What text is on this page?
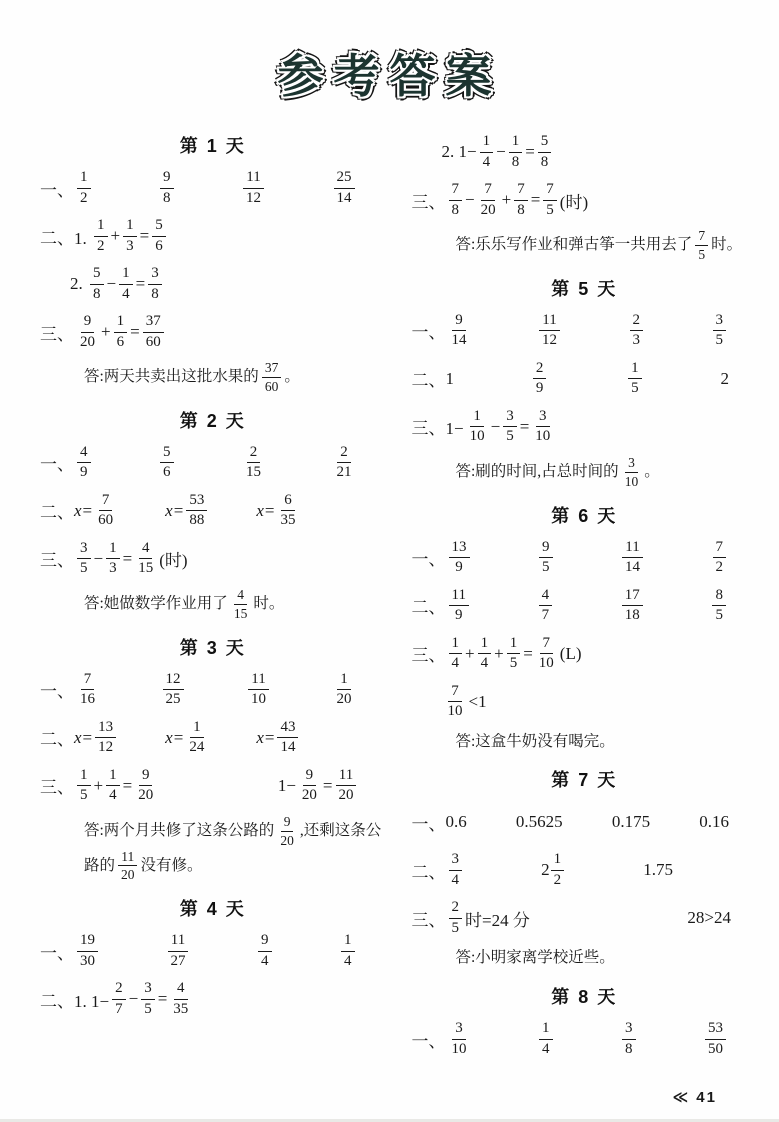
参考答案
第 1 天
一、 $\frac{1}{2}$	$\frac{9}{8}$	$\frac{11}{12}$	$\frac{25}{14}$
二、1. $\frac{1}{2} + \frac{1}{3} = \frac{5}{6}$
2. $\frac{5}{8} - \frac{1}{4} = \frac{3}{8}$
三、 $\frac{9}{20} + \frac{1}{6} = \frac{37}{60}$
答:两天共卖出这批水果的 $\frac{37}{60}$ 。
第 2 天
一、 $\frac{4}{9}$	$\frac{5}{6}$	$\frac{2}{15}$	$\frac{2}{21}$
二、 $x = \frac{7}{60}$	$x = \frac{53}{88}$	$x = \frac{6}{35}$
三、 $\frac{3}{5} - \frac{1}{3} = \frac{4}{15}$ (时)
答:她做数学作业用了 $\frac{4}{15}$ 时。
第 3 天
一、 $\frac{7}{16}$	$\frac{12}{25}$	$\frac{11}{10}$	$\frac{1}{20}$
二、 $x = \frac{13}{12}$	$x = \frac{1}{24}$	$x = \frac{43}{14}$
三、 $\frac{1}{5} + \frac{1}{4} = \frac{9}{20}$	$1- \frac{9}{20} = \frac{11}{20}$
答:两个月共修了这条公路的 $\frac{9}{20}$ ,还剩这条公路的 $\frac{11}{20}$ 没有修。
第 4 天
一、 $\frac{19}{30}$	$\frac{11}{27}$	$\frac{9}{4}$	$\frac{1}{4}$
二、1. $1- \frac{2}{7} - \frac{3}{5} = \frac{4}{35}$
2. $1- \frac{1}{4} - \frac{1}{8} = \frac{5}{8}$
三、 $\frac{7}{8} - \frac{7}{20} + \frac{7}{8} = \frac{7}{5}$ (时)
答:乐乐写作业和弹古筝一共用去了 $\frac{7}{5}$ 时。
第 5 天
一、 $\frac{9}{14}$	$\frac{11}{12}$	$\frac{2}{3}$	$\frac{3}{5}$
二、 1	$\frac{2}{9}$	$\frac{1}{5}$	2
三、$1- \frac{1}{10} - \frac{3}{5} = \frac{3}{10}$
答:刷的时间,占总时间的 $\frac{3}{10}$ 。
第 6 天
一、 $\frac{13}{9}$	$\frac{9}{5}$	$\frac{11}{14}$	$\frac{7}{2}$
二、 $\frac{11}{9}$	$\frac{4}{7}$	$\frac{17}{18}$	$\frac{8}{5}$
三、 $\frac{1}{4} + \frac{1}{4} + \frac{1}{5} = \frac{7}{10} (L)$
$\frac{7}{10} <1$
答:这盒牛奶没有喝完。
第 7 天
一、 0.6	0.5625	0.175	0.16
二、 $\frac{3}{4}$	$2 \frac{1}{2}$	1.75
三、 $\frac{2}{5}$ 时=24 分	28>24
答:小明家离学校近些。
第 8 天
一、 $\frac{3}{10}$	$\frac{1}{4}$	$\frac{3}{8}$	$\frac{53}{50}$
≪ 41
